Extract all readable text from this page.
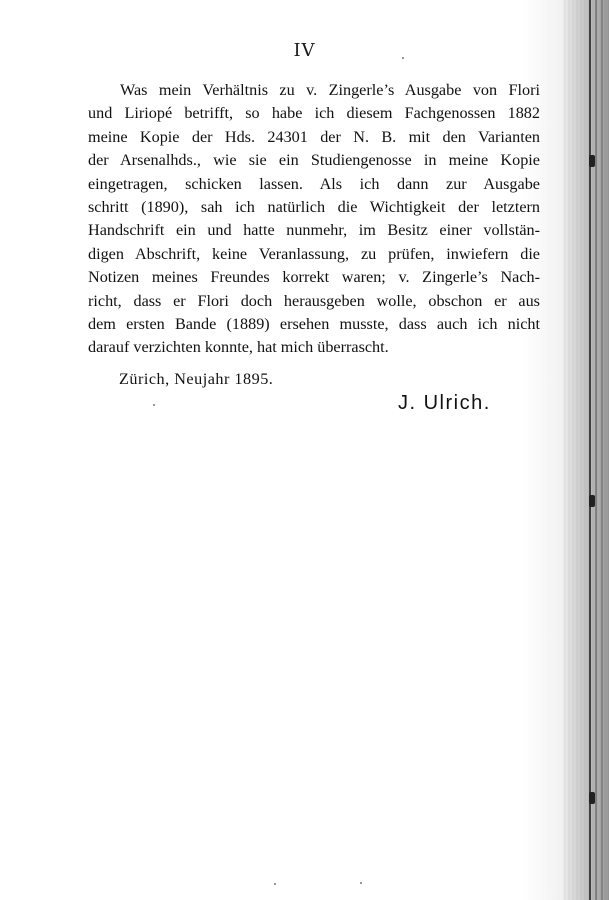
IV
Was mein Verhältnis zu v. Zingerle’s Ausgabe von Flori
und Liriopé betrifft, so habe ich diesem Fachgenossen 1882
meine Kopie der Hds. 24301 der N. B. mit den Varianten
der Arsenalhds., wie sie ein Studiengenosse in meine Kopie
eingetragen, schicken lassen. Als ich dann zur Ausgabe
schritt (1890), sah ich natürlich die Wichtigkeit der letztern
Handschrift ein und hatte nunmehr, im Besitz einer vollstän-
digen Abschrift, keine Veranlassung, zu prüfen, inwiefern die
Notizen meines Freundes korrekt waren; v. Zingerle’s Nach-
richt, dass er Flori doch herausgeben wolle, obschon er aus
dem ersten Bande (1889) ersehen musste, dass auch ich nicht
darauf verzichten konnte, hat mich überrascht.
Zürich, Neujahr 1895.
J. Ulrich.
